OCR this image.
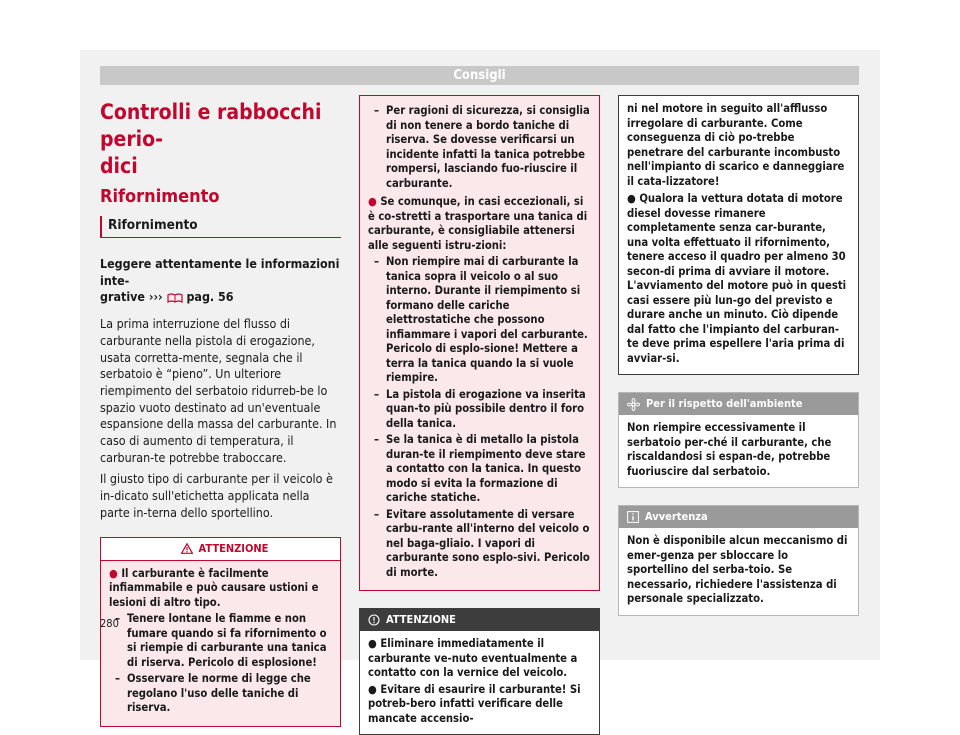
Consigli
Controlli e rabbocchi perio-
dici
Rifornimento
Rifornimento

Leggere attentamente le informazioni inte-
grative ››› pag. 56

La prima interruzione del flusso di carburante nella pistola di erogazione, usata corretta-mente, segnala che il serbatoio è “pieno”. Un ulteriore riempimento del serbatoio ridurreb-be lo spazio vuoto destinato ad un'eventuale espansione della massa del carburante. In caso di aumento di temperatura, il carburan-te potrebbe traboccare.

Il giusto tipo di carburante per il veicolo è in-dicato sull'etichetta applicata nella parte in-terna dello sportellino.

ATTENZIONE
● Il carburante è facilmente infiammabile e può causare ustioni e lesioni di altro tipo.
– Tenere lontane le fiamme e non fumare quando si fa rifornimento o si riempie di carburante una tanica di riserva. Pericolo di esplosione!
– Osservare le norme di legge che regolano l'uso delle taniche di riserva.
– Per ragioni di sicurezza, si consiglia di non tenere a bordo taniche di riserva. Se dovesse verificarsi un incidente infatti la tanica potrebbe rompersi, lasciando fuo-riuscire il carburante.
● Se comunque, in casi eccezionali, si è co-stretti a trasportare una tanica di carburante, è consigliabile attenersi alle seguenti istru-zioni:
– Non riempire mai di carburante la tanica sopra il veicolo o al suo interno. Durante il riempimento si formano delle cariche elettrostatiche che possono infiammare i vapori del carburante. Pericolo di esplo-sione! Mettere a terra la tanica quando la si vuole riempire.
– La pistola di erogazione va inserita quan-to più possibile dentro il foro della tanica.
– Se la tanica è di metallo la pistola duran-te il riempimento deve stare a contatto con la tanica. In questo modo si evita la formazione di cariche statiche.
– Evitare assolutamente di versare carbu-rante all'interno del veicolo o nel baga-gliaio. I vapori di carburante sono esplo-sivi. Pericolo di morte.
ATTENZIONE
● Eliminare immediatamente il carburante ve-nuto eventualmente a contatto con la vernice del veicolo.
● Evitare di esaurire il carburante! Si potreb-bero infatti verificare delle mancate accensio-
ni nel motore in seguito all'afflusso irregolare di carburante. Come conseguenza di ciò po-trebbe penetrare del carburante incombusto nell'impianto di scarico e danneggiare il cata-lizzatore!
● Qualora la vettura dotata di motore diesel dovesse rimanere completamente senza car-burante, una volta effettuato il rifornimento, tenere acceso il quadro per almeno 30 secon-di prima di avviare il motore. L'avviamento del motore può in questi casi essere più lun-go del previsto e durare anche un minuto. Ciò dipende dal fatto che l'impianto del carburan-te deve prima espellere l'aria prima di avviar-si.
Per il rispetto dell'ambiente
Non riempire eccessivamente il serbatoio per-ché il carburante, che riscaldandosi si espan-de, potrebbe fuoriuscire dal serbatoio.
Avvertenza
Non è disponibile alcun meccanismo di emer-genza per sbloccare lo sportellino del serba-toio. Se necessario, richiedere l'assistenza di personale specializzato.
280
